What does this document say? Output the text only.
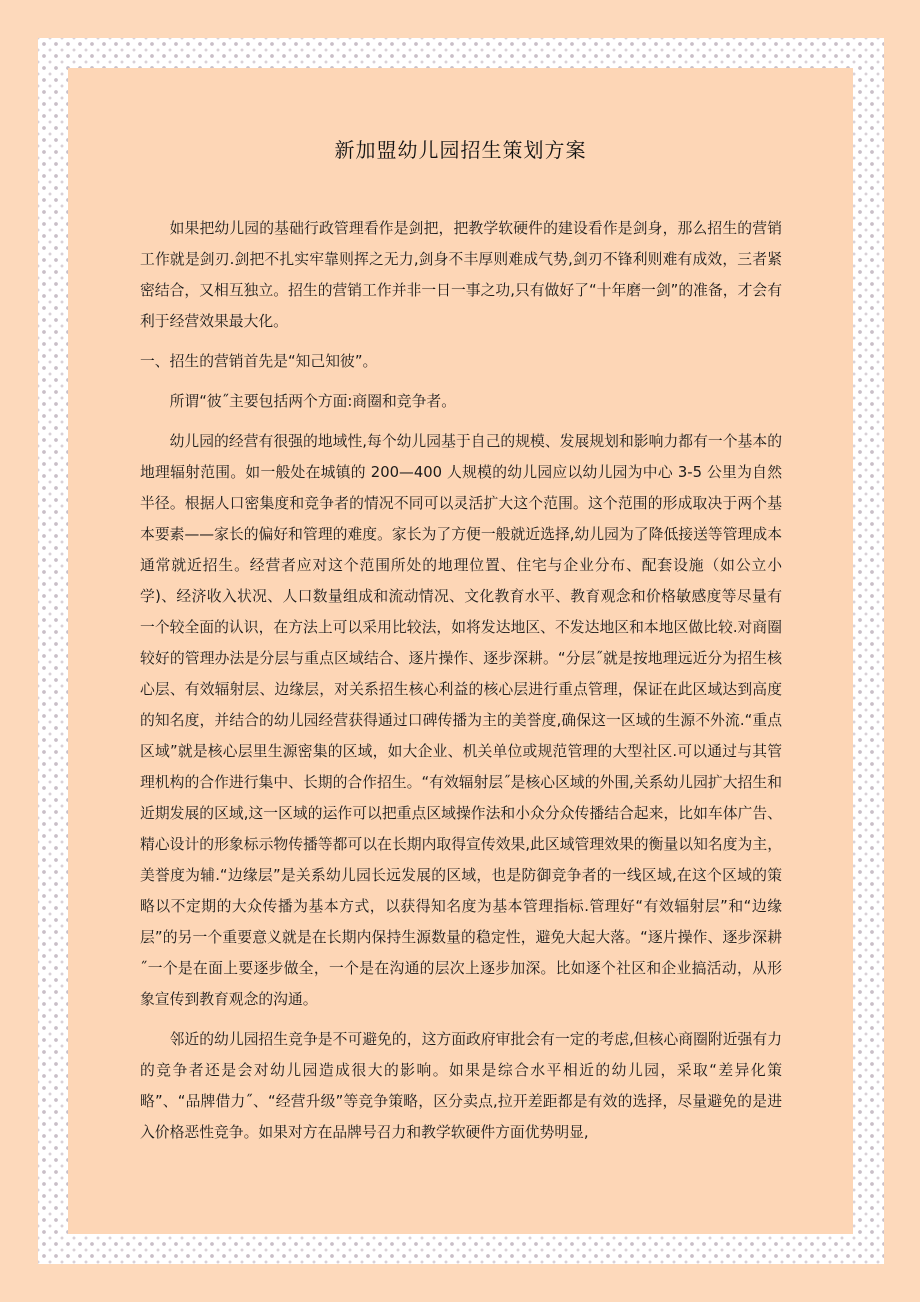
新加盟幼儿园招生策划方案

如果把幼儿园的基础行政管理看作是剑把，把教学软硬件的建设看作是剑身，那么招生的营销工作就是剑刃.剑把不扎实牢靠则挥之无力,剑身不丰厚则难成气势,剑刃不锋利则难有成效，三者紧密结合，又相互独立。招生的营销工作并非一日一事之功,只有做好了“十年磨一剑”的准备，才会有利于经营效果最大化。

一、招生的营销首先是“知己知彼”。

所谓“彼˝主要包括两个方面:商圈和竞争者。

幼儿园的经营有很强的地域性,每个幼儿园基于自己的规模、发展规划和影响力都有一个基本的地理辐射范围。如一般处在城镇的 200—400 人规模的幼儿园应以幼儿园为中心 3-5 公里为自然半径。根据人口密集度和竞争者的情况不同可以灵活扩大这个范围。这个范围的形成取决于两个基本要素——家长的偏好和管理的难度。家长为了方便一般就近选择,幼儿园为了降低接送等管理成本通常就近招生。经营者应对这个范围所处的地理位置、住宅与企业分布、配套设施（如公立小学)、经济收入状况、人口数量组成和流动情况、文化教育水平、教育观念和价格敏感度等尽量有一个较全面的认识，在方法上可以采用比较法，如将发达地区、不发达地区和本地区做比较.对商圈较好的管理办法是分层与重点区域结合、逐片操作、逐步深耕。“分层˝就是按地理远近分为招生核心层、有效辐射层、边缘层，对关系招生核心利益的核心层进行重点管理，保证在此区域达到高度的知名度，并结合的幼儿园经营获得通过口碑传播为主的美誉度,确保这一区域的生源不外流.“重点区域”就是核心层里生源密集的区域，如大企业、机关单位或规范管理的大型社区.可以通过与其管理机构的合作进行集中、长期的合作招生。“有效辐射层˝是核心区域的外围,关系幼儿园扩大招生和近期发展的区域,这一区域的运作可以把重点区域操作法和小众分众传播结合起来，比如车体广告、精心设计的形象标示物传播等都可以在长期内取得宣传效果,此区域管理效果的衡量以知名度为主，美誉度为辅.“边缘层”是关系幼儿园长远发展的区域，也是防御竞争者的一线区域,在这个区域的策略以不定期的大众传播为基本方式，以获得知名度为基本管理指标.管理好“有效辐射层”和“边缘层”的另一个重要意义就是在长期内保持生源数量的稳定性，避免大起大落。“逐片操作、逐步深耕˝一个是在面上要逐步做全，一个是在沟通的层次上逐步加深。比如逐个社区和企业搞活动，从形象宣传到教育观念的沟通。

邻近的幼儿园招生竞争是不可避免的，这方面政府审批会有一定的考虑,但核心商圈附近强有力的竞争者还是会对幼儿园造成很大的影响。如果是综合水平相近的幼儿园，采取“差异化策略”、“品牌借力˝、“经营升级”等竞争策略，区分卖点,拉开差距都是有效的选择，尽量避免的是进入价格恶性竞争。如果对方在品牌号召力和教学软硬件方面优势明显,
